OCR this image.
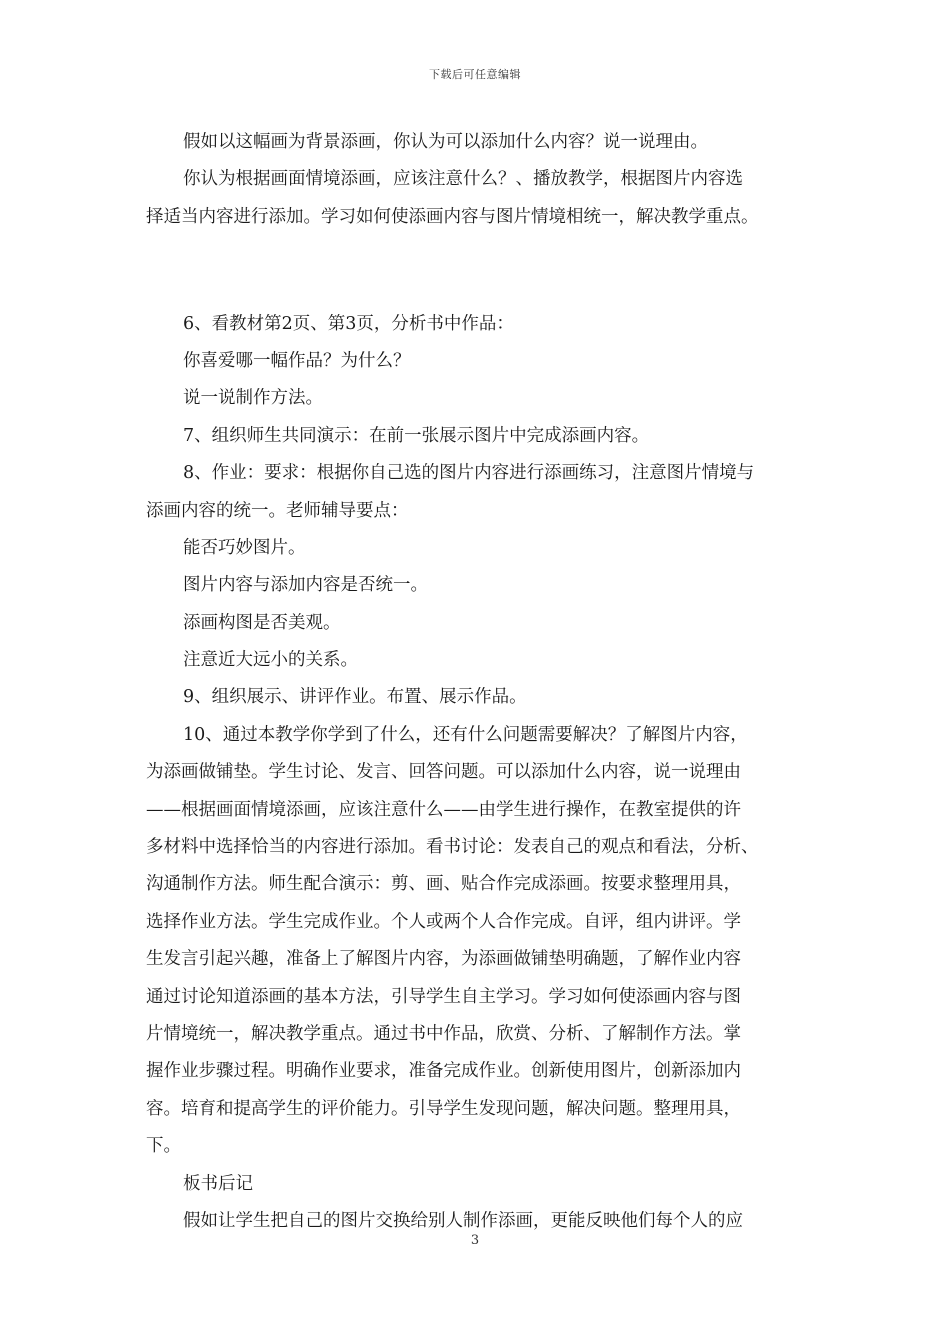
下载后可任意编辑

假如以这幅画为背景添画，你认为可以添加什么内容？说一说理由。

你认为根据画面情境添画，应该注意什么？、播放教学，根据图片内容选

择适当内容进行添加。学习如何使添画内容与图片情境相统一，解决教学重点。

6、看教材第2页、第3页，分析书中作品：

你喜爱哪一幅作品？为什么？

说一说制作方法。

7、组织师生共同演示：在前一张展示图片中完成添画内容。

8、作业：要求：根据你自己选的图片内容进行添画练习，注意图片情境与

添画内容的统一。老师辅导要点：

能否巧妙图片。

图片内容与添加内容是否统一。

添画构图是否美观。

注意近大远小的关系。

9、组织展示、讲评作业。布置、展示作品。

10、通过本教学你学到了什么，还有什么问题需要解决？了解图片内容，

为添画做铺垫。学生讨论、发言、回答问题。可以添加什么内容，说一说理由

——根据画面情境添画，应该注意什么——由学生进行操作，在教室提供的许

多材料中选择恰当的内容进行添加。看书讨论：发表自己的观点和看法，分析、

沟通制作方法。师生配合演示：剪、画、贴合作完成添画。按要求整理用具，

选择作业方法。学生完成作业。个人或两个人合作完成。自评，组内讲评。学

生发言引起兴趣，准备上了解图片内容，为添画做铺垫明确题，了解作业内容

通过讨论知道添画的基本方法，引导学生自主学习。学习如何使添画内容与图

片情境统一，解决教学重点。通过书中作品，欣赏、分析、了解制作方法。掌

握作业步骤过程。明确作业要求，准备完成作业。创新使用图片，创新添加内

容。培育和提高学生的评价能力。引导学生发现问题，解决问题。整理用具，

下。

板书后记

假如让学生把自己的图片交换给别人制作添画，更能反映他们每个人的应

3
